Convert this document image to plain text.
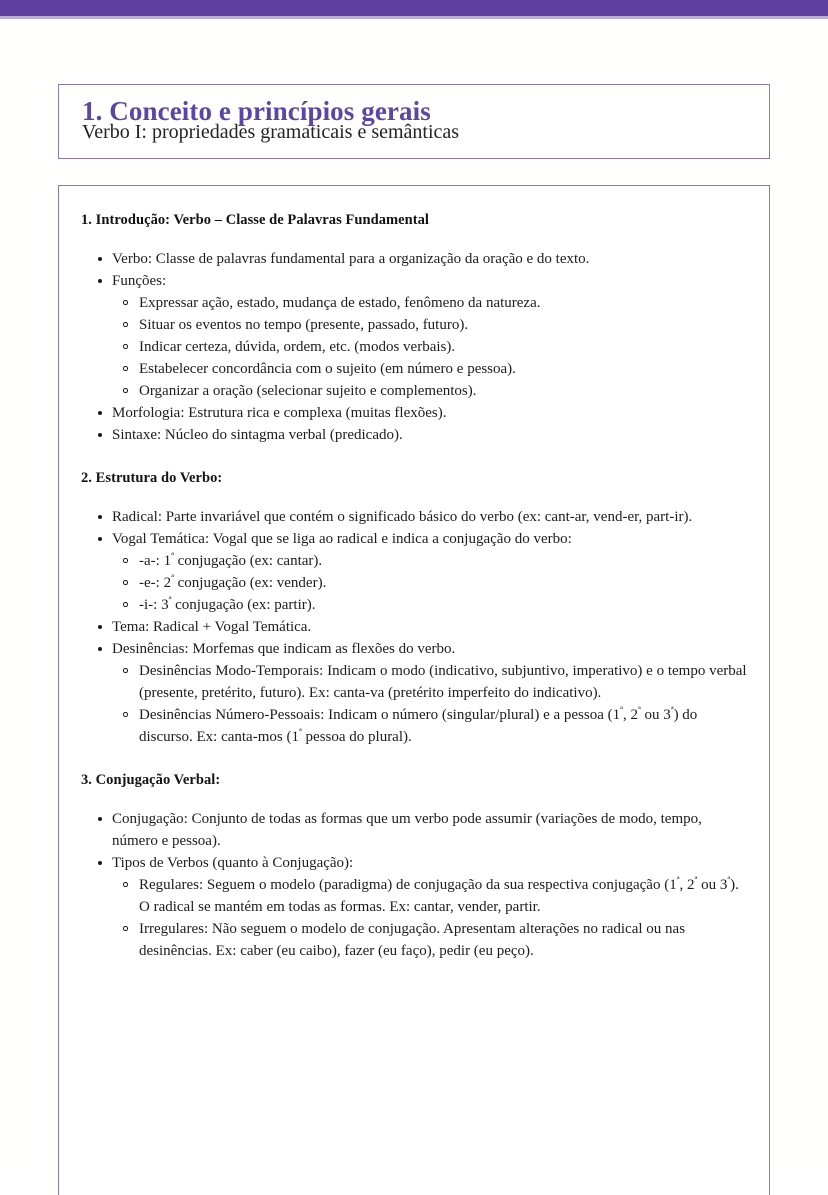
1. Conceito e princípios gerais
Verbo I: propriedades gramaticais e semânticas
1. Introdução: Verbo – Classe de Palavras Fundamental
Verbo: Classe de palavras fundamental para a organização da oração e do texto.
Funções:
Expressar ação, estado, mudança de estado, fenômeno da natureza.
Situar os eventos no tempo (presente, passado, futuro).
Indicar certeza, dúvida, ordem, etc. (modos verbais).
Estabelecer concordância com o sujeito (em número e pessoa).
Organizar a oração (selecionar sujeito e complementos).
Morfologia: Estrutura rica e complexa (muitas flexões).
Sintaxe: Núcleo do sintagma verbal (predicado).
2. Estrutura do Verbo:
Radical: Parte invariável que contém o significado básico do verbo (ex: cant-ar, vend-er, part-ir).
Vogal Temática: Vogal que se liga ao radical e indica a conjugação do verbo:
-a-: $1^ª$ conjugação (ex: cantar).
-e-: $2^ª$ conjugação (ex: vender).
-i-: $3^ª$ conjugação (ex: partir).
Tema: Radical + Vogal Temática.
Desinências: Morfemas que indicam as flexões do verbo.
Desinências Modo-Temporais: Indicam o modo (indicativo, subjuntivo, imperativo) e o tempo verbal (presente, pretérito, futuro). Ex: canta-va (pretérito imperfeito do indicativo).
Desinências Número-Pessoais: Indicam o número (singular/plural) e a pessoa ($1^ª$, $2^ª$ ou $3^ª$) do discurso. Ex: canta-mos ($1^ª$ pessoa do plural).
3. Conjugação Verbal:
Conjugação: Conjunto de todas as formas que um verbo pode assumir (variações de modo, tempo, número e pessoa).
Tipos de Verbos (quanto à Conjugação):
Regulares: Seguem o modelo (paradigma) de conjugação da sua respectiva conjugação ($1^ª$, $2^ª$ ou $3^ª$). O radical se mantém em todas as formas. Ex: cantar, vender, partir.
Irregulares: Não seguem o modelo de conjugação. Apresentam alterações no radical ou nas desinências. Ex: caber (eu caibo), fazer (eu faço), pedir (eu peço).
